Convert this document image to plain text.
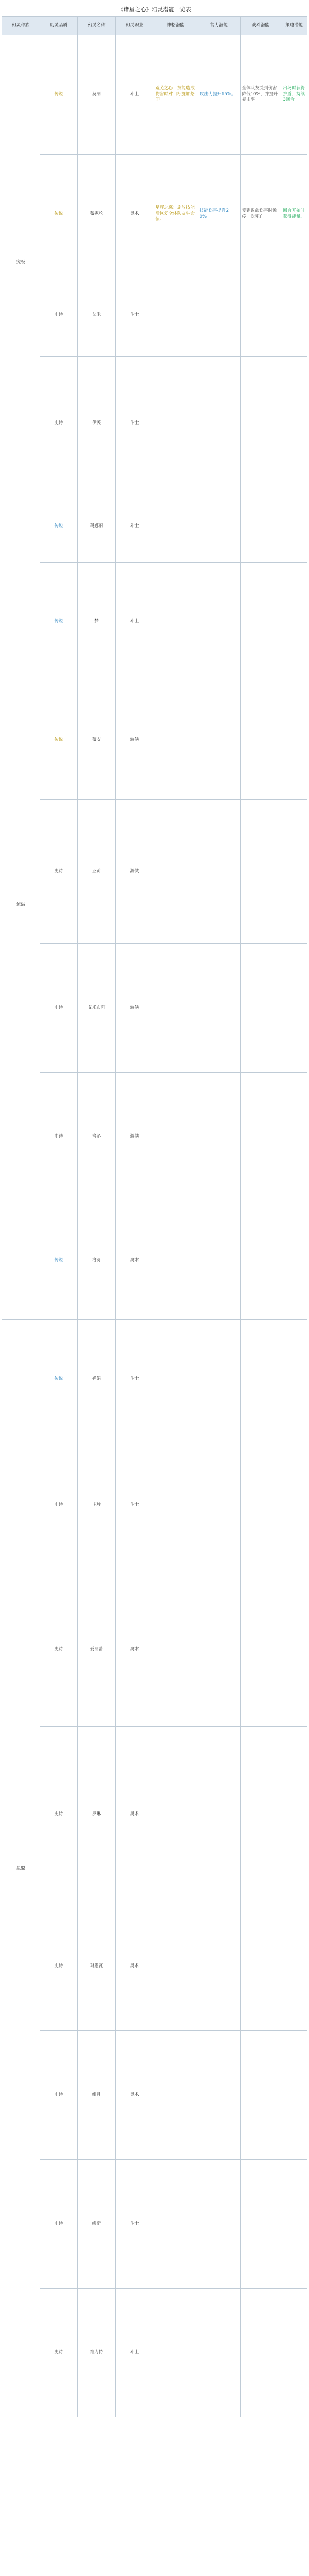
《诸星之心》幻灵潜能一览表
幻灵种族	幻灵品质	幻灵名称	幻灵职业	神格潜能	能力潜能	战斗潜能	策略潜能
究极	传说	莫丽	斗士	荒芜之心：技能造成伤害时对目标施加烙印。	攻击力提升15%。	全体队友受到伤害降低10%，并提升暴击率。	出场时获得护盾，持续3回合。
	传说	薇妮丝	奥术	星辉之愿：施放技能后恢复全体队友生命值。	技能伤害提升20%。	受到致命伤害时免疫一次死亡。	回合开始时获得能量。
	史诗	艾米	斗士				
	史诗	伊芙	斗士				
流溢	传说	玛娜丽	斗士				
	传说	梦	斗士				
	传说	薇安	游侠				
	史诗	亚莉	游侠				
	史诗	艾米布莉	游侠				
	史诗	洛沁	游侠				
	传说	洛浔	奥术				
星盟	传说	婵娟	斗士				
	史诗	卡珍	斗士				
	史诗	爱丽蕾	奥术				
	史诗	罗琳	奥术				
	史诗	琳恩瓦	奥术				
	史诗	绯月	奥术				
	史诗	缪斯	斗士				
	史诗	维力特	斗士				
